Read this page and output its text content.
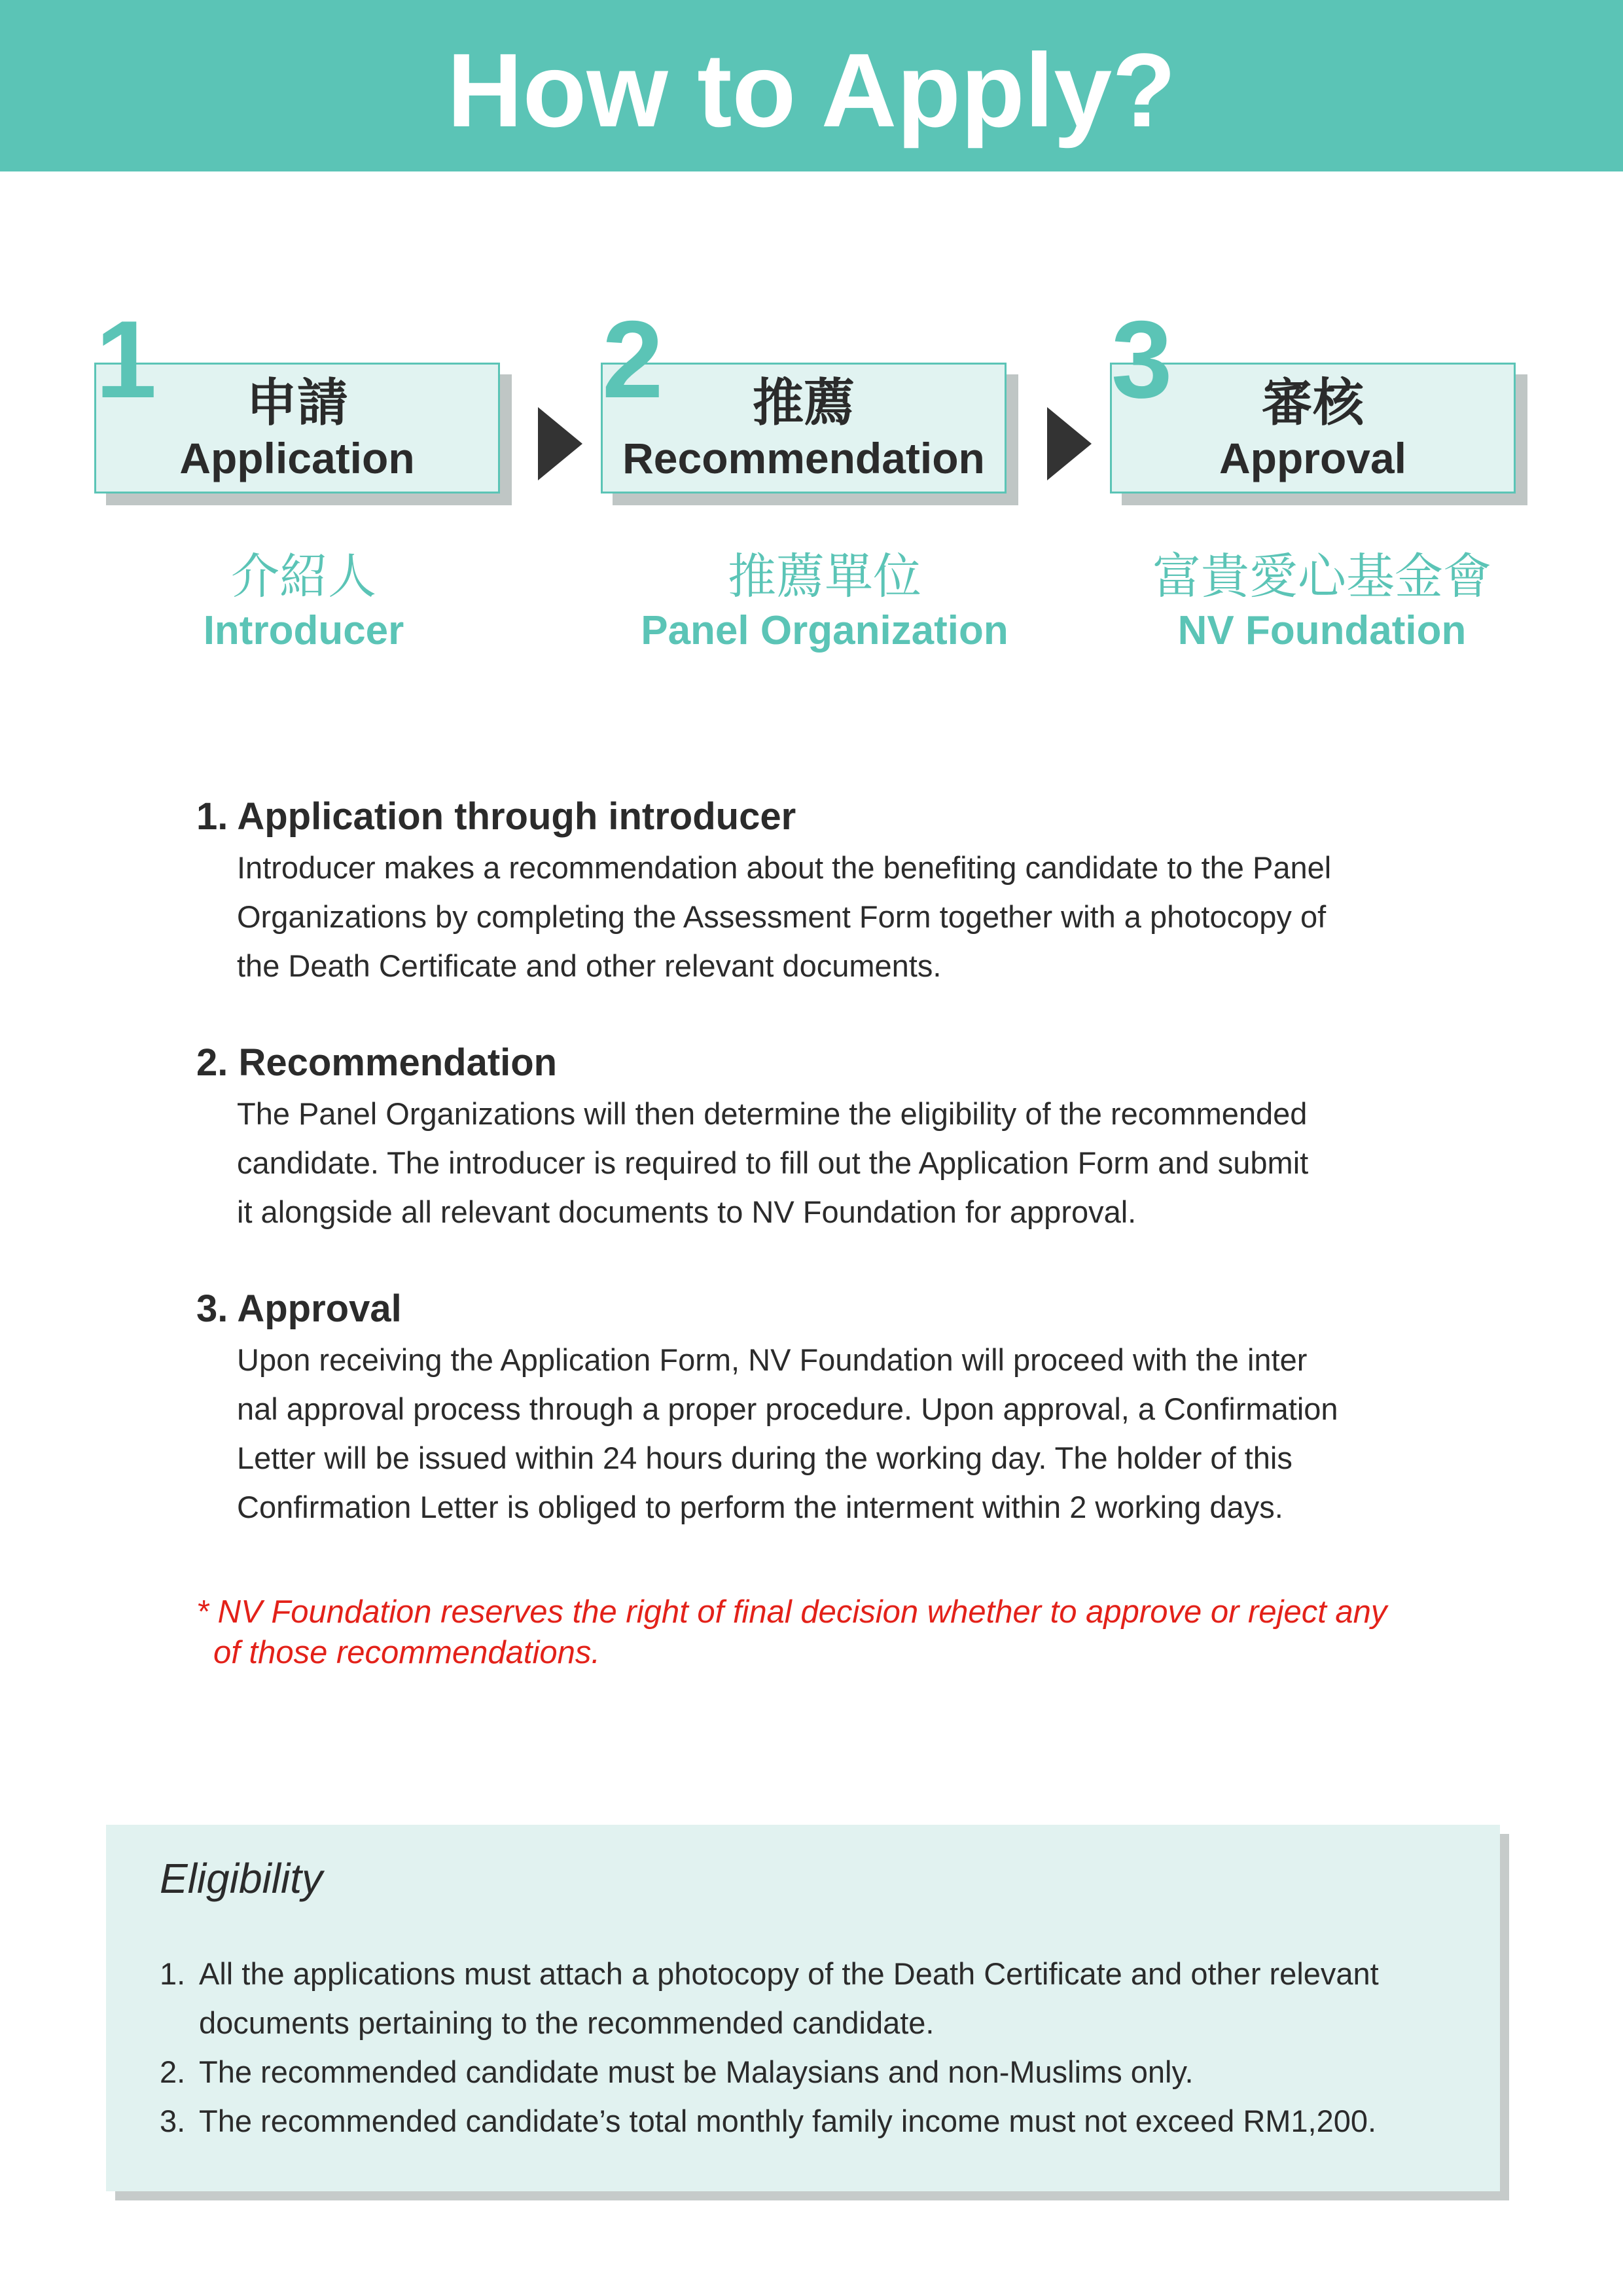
How to Apply?
1	申請
Application
2	推薦
Recommendation
3	審核
Approval
介紹人
Introducer
推薦單位
Panel Organization
富貴愛心基金會
NV Foundation
1. Application through introducer

Introducer makes a recommendation about the benefiting candidate to the Panel
Organizations by completing the Assessment Form together with a photocopy of
the Death Certificate and other relevant documents.

2. Recommendation

The Panel Organizations will then determine the eligibility of the recommended
candidate. The introducer is required to fill out the Application Form and submit
it alongside all relevant documents to NV Foundation for approval.

3. Approval

Upon receiving the Application Form, NV Foundation will proceed with the inter
nal approval process through a proper procedure. Upon approval, a Confirmation
Letter will be issued within 24 hours during the working day. The holder of this
Confirmation Letter is obliged to perform the interment within 2 working days.

* NV Foundation reserves the right of final decision whether to approve or reject any
of those recommendations.
Eligibility
1. All the applications must attach a photocopy of the Death Certificate and other relevant
documents pertaining to the recommended candidate.
2. The recommended candidate must be Malaysians and non-Muslims only.
3. The recommended candidate’s total monthly family income must not exceed RM1,200.
